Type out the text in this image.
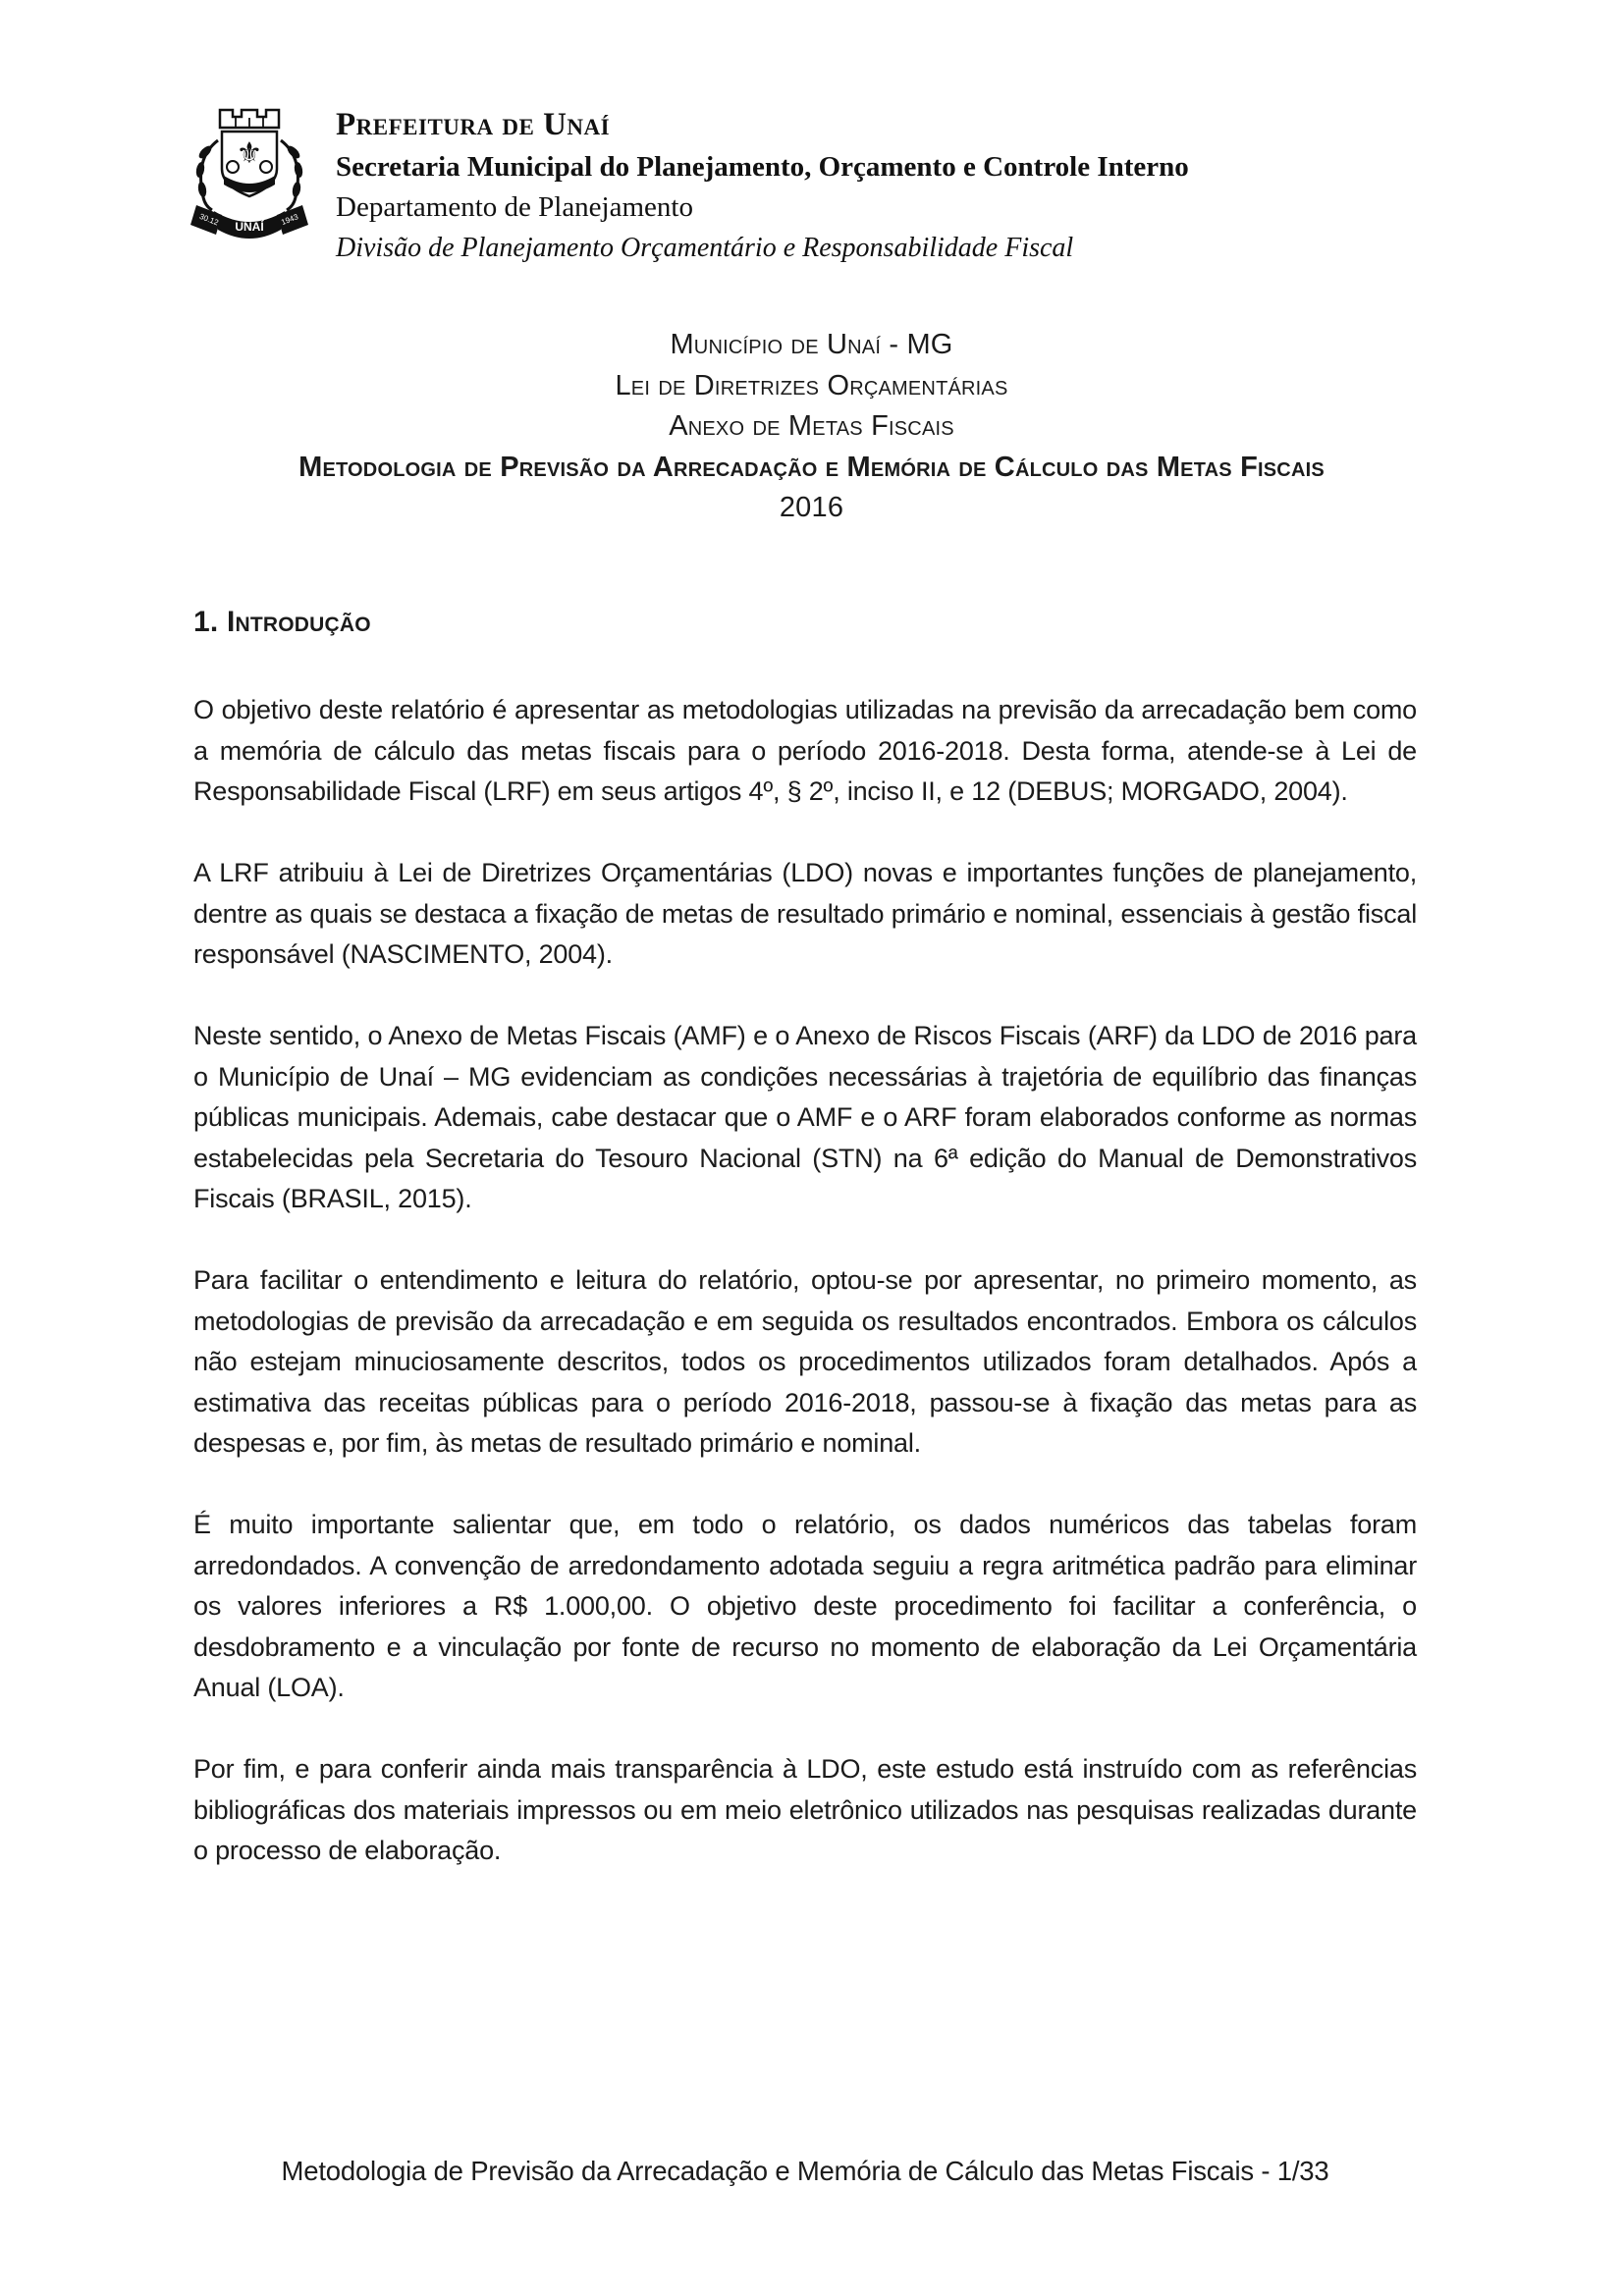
⚜
30.12 UNAÍ 1943
Prefeitura de Unaí
Secretaria Municipal do Planejamento, Orçamento e Controle Interno
Departamento de Planejamento
Divisão de Planejamento Orçamentário e Responsabilidade Fiscal
Município de Unaí - MG
Lei de Diretrizes Orçamentárias
Anexo de Metas Fiscais
Metodologia de Previsão da Arrecadação e Memória de Cálculo das Metas Fiscais
2016
1. Introdução

O objetivo deste relatório é apresentar as metodologias utilizadas na previsão da arrecadação bem como a memória de cálculo das metas fiscais para o período 2016-2018. Desta forma, atende-se à Lei de Responsabilidade Fiscal (LRF) em seus artigos 4º, § 2º, inciso II, e 12 (DEBUS; MORGADO, 2004).

A LRF atribuiu à Lei de Diretrizes Orçamentárias (LDO) novas e importantes funções de planejamento, dentre as quais se destaca a fixação de metas de resultado primário e nominal, essenciais à gestão fiscal responsável (NASCIMENTO, 2004).

Neste sentido, o Anexo de Metas Fiscais (AMF) e o Anexo de Riscos Fiscais (ARF) da LDO de 2016 para o Município de Unaí – MG evidenciam as condições necessárias à trajetória de equilíbrio das finanças públicas municipais. Ademais, cabe destacar que o AMF e o ARF foram elaborados conforme as normas estabelecidas pela Secretaria do Tesouro Nacional (STN) na 6ª edição do Manual de Demonstrativos Fiscais (BRASIL, 2015).

Para facilitar o entendimento e leitura do relatório, optou-se por apresentar, no primeiro momento, as metodologias de previsão da arrecadação e em seguida os resultados encontrados. Embora os cálculos não estejam minuciosamente descritos, todos os procedimentos utilizados foram detalhados. Após a estimativa das receitas públicas para o período 2016-2018, passou-se à fixação das metas para as despesas e, por fim, às metas de resultado primário e nominal.

É muito importante salientar que, em todo o relatório, os dados numéricos das tabelas foram arredondados. A convenção de arredondamento adotada seguiu a regra aritmética padrão para eliminar os valores inferiores a R$ 1.000,00. O objetivo deste procedimento foi facilitar a conferência, o desdobramento e a vinculação por fonte de recurso no momento de elaboração da Lei Orçamentária Anual (LOA).

Por fim, e para conferir ainda mais transparência à LDO, este estudo está instruído com as referências bibliográficas dos materiais impressos ou em meio eletrônico utilizados nas pesquisas realizadas durante o processo de elaboração.

Metodologia de Previsão da Arrecadação e Memória de Cálculo das Metas Fiscais - 1/33
